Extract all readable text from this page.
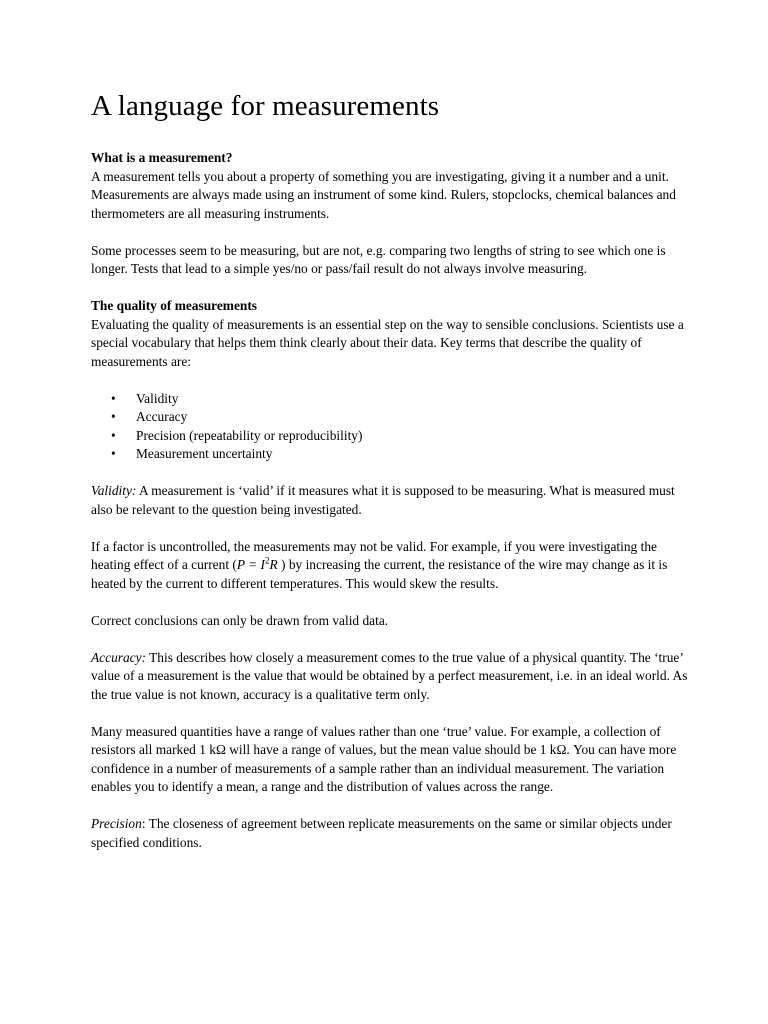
A language for measurements

What is a measurement?
A measurement tells you about a property of something you are investigating, giving it a number and a unit. Measurements are always made using an instrument of some kind. Rulers, stopclocks, chemical balances and thermometers are all measuring instruments.

Some processes seem to be measuring, but are not, e.g. comparing two lengths of string to see which one is longer. Tests that lead to a simple yes/no or pass/fail result do not always involve measuring.

The quality of measurements
Evaluating the quality of measurements is an essential step on the way to sensible conclusions. Scientists use a special vocabulary that helps them think clearly about their data. Key terms that describe the quality of measurements are:

• Validity
• Accuracy
• Precision (repeatability or reproducibility)
• Measurement uncertainty

Validity: A measurement is ‘valid’ if it measures what it is supposed to be measuring. What is measured must also be relevant to the question being investigated.

If a factor is uncontrolled, the measurements may not be valid. For example, if you were investigating the heating effect of a current ($P = I^2R$ ) by increasing the current, the resistance of the wire may change as it is heated by the current to different temperatures. This would skew the results.

Correct conclusions can only be drawn from valid data.

Accuracy: This describes how closely a measurement comes to the true value of a physical quantity. The ‘true’ value of a measurement is the value that would be obtained by a perfect measurement, i.e. in an ideal world. As the true value is not known, accuracy is a qualitative term only.

Many measured quantities have a range of values rather than one ‘true’ value. For example, a collection of resistors all marked 1 kΩ will have a range of values, but the mean value should be 1 kΩ. You can have more confidence in a number of measurements of a sample rather than an individual measurement. The variation enables you to identify a mean, a range and the distribution of values across the range.

Precision: The closeness of agreement between replicate measurements on the same or similar objects under specified conditions.
